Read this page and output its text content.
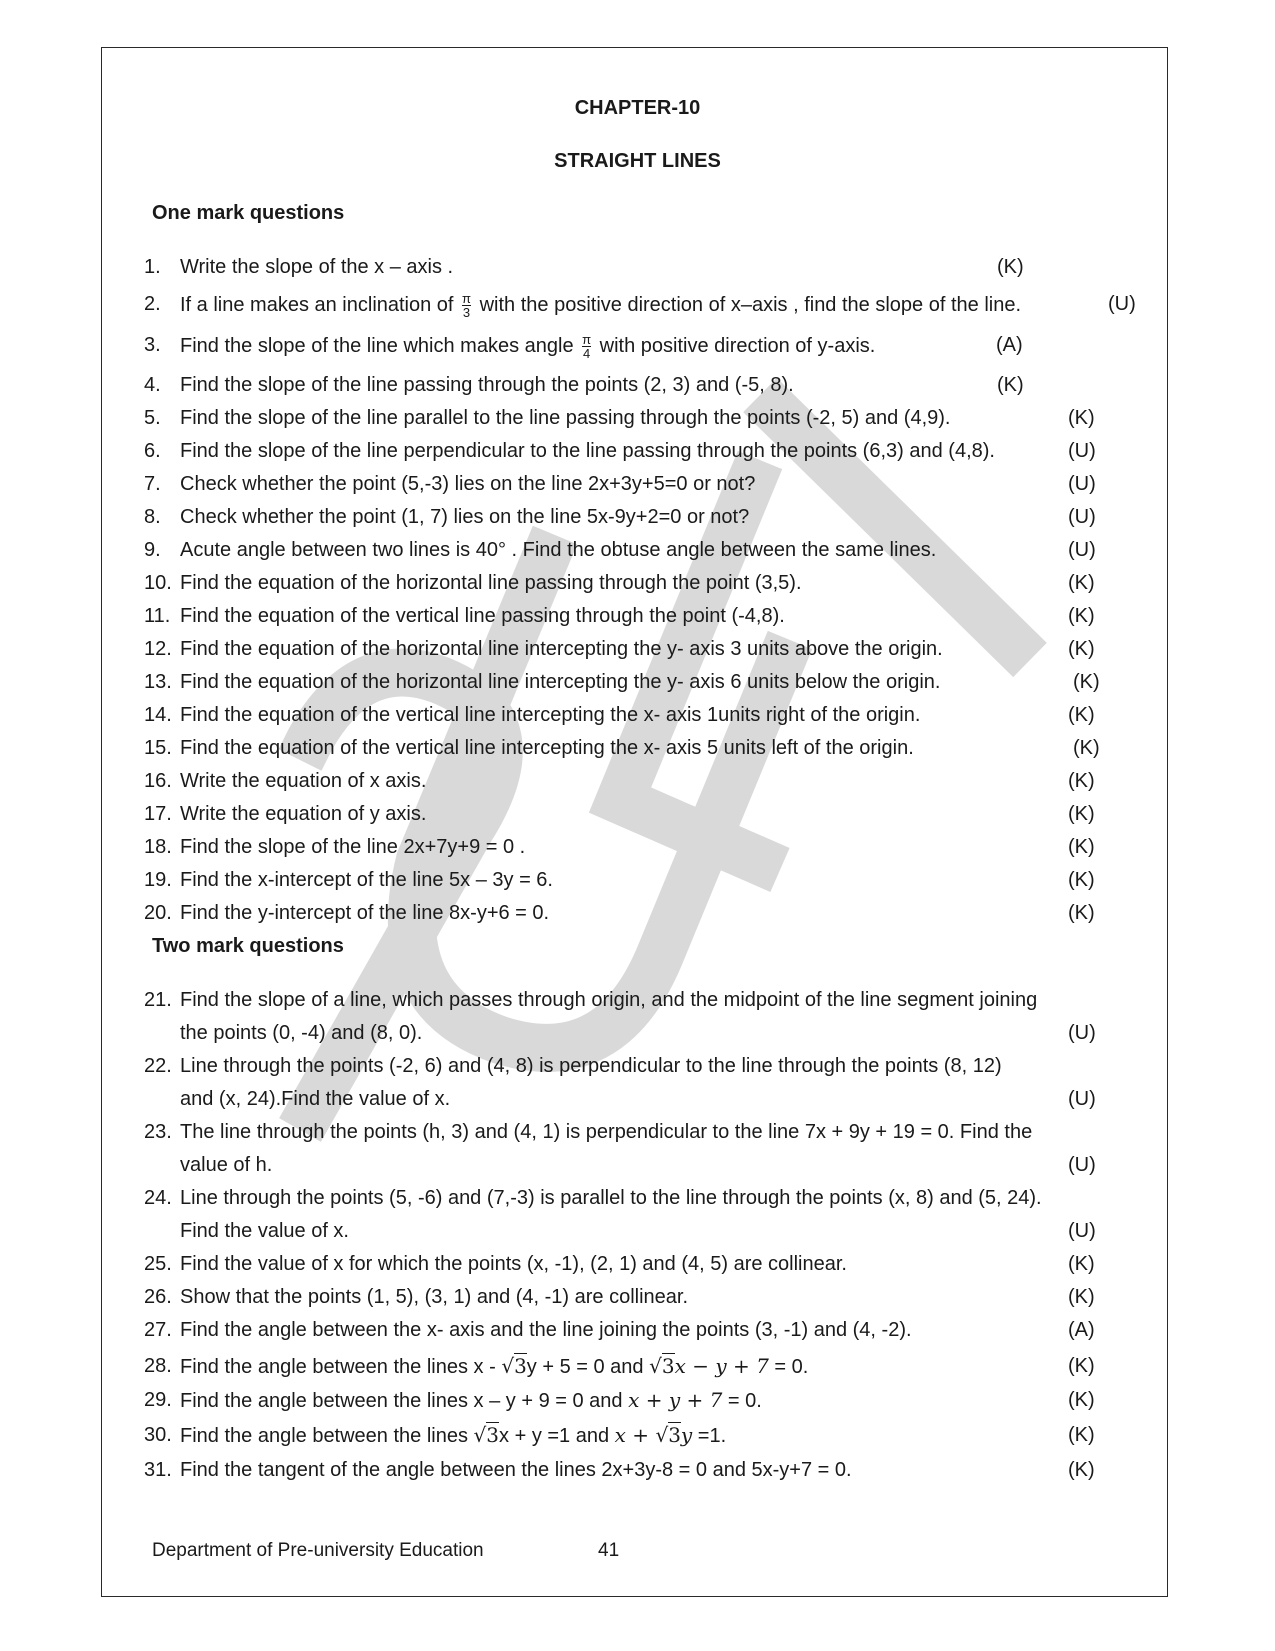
CHAPTER-10
STRAIGHT LINES
One mark questions
1. Write the slope of the x – axis .	(K)
2. If a line makes an inclination of $\frac{\pi}{3}$ with the positive direction of x–axis , find the slope of the line.	(U)
3. Find the slope of the line which makes angle $\frac{\pi}{4}$ with positive direction of y-axis.	(A)
4. Find the slope of the line passing through the points (2, 3) and (-5, 8).	(K)
5. Find the slope of the line parallel to the line passing through the points (-2, 5) and (4,9).	(K)
6. Find the slope of the line perpendicular to the line passing through the points (6,3) and (4,8).	(U)
7. Check whether the point (5,-3) lies on the line 2x+3y+5=0 or not?	(U)
8. Check whether the point (1, 7) lies on the line 5x-9y+2=0 or not?	(U)
9. Acute angle between two lines is 40° . Find the obtuse angle between the same lines.	(U)
10. Find the equation of the horizontal line passing through the point (3,5).	(K)
11. Find the equation of the vertical line passing through the point (-4,8).	(K)
12. Find the equation of the horizontal line intercepting the y- axis 3 units above the origin.	(K)
13. Find the equation of the horizontal line intercepting the y- axis 6 units below the origin.	(K)
14. Find the equation of the vertical line intercepting the x- axis 1units right of the origin.	(K)
15. Find the equation of the vertical line intercepting the x- axis 5 units left of the origin.	(K)
16. Write the equation of x axis.	(K)
17. Write the equation of y axis.	(K)
18. Find the slope of the line 2x+7y+9 = 0 .	(K)
19. Find the x-intercept of the line 5x – 3y = 6.	(K)
20. Find the y-intercept of the line 8x-y+6 = 0.	(K)
Two mark questions
21. Find the slope of a line, which passes through origin, and the midpoint of the line segment joining
the points (0, -4) and (8, 0).	(U)
22. Line through the points (-2, 6) and (4, 8) is perpendicular to the line through the points (8, 12)
and (x, 24).Find the value of x.	(U)
23. The line through the points (h, 3) and (4, 1) is perpendicular to the line 7x + 9y + 19 = 0. Find the
value of h.	(U)
24. Line through the points (5, -6) and (7,-3) is parallel to the line through the points (x, 8) and (5, 24).
Find the value of x.	(U)
25. Find the value of x for which the points (x, -1), (2, 1) and (4, 5) are collinear.	(K)
26. Show that the points (1, 5), (3, 1) and (4, -1) are collinear.	(K)
27. Find the angle between the x- axis and the line joining the points (3, -1) and (4, -2).	(A)
28. Find the angle between the lines x - √3y + 5 = 0 and √3x − y + 7 = 0.	(K)
29. Find the angle between the lines x – y + 9 = 0 and x + y + 7 = 0.	(K)
30. Find the angle between the lines √3x + y =1 and x + √3y =1.	(K)
31. Find the tangent of the angle between the lines 2x+3y-8 = 0 and 5x-y+7 = 0.	(K)
Department of Pre-university Education	41
